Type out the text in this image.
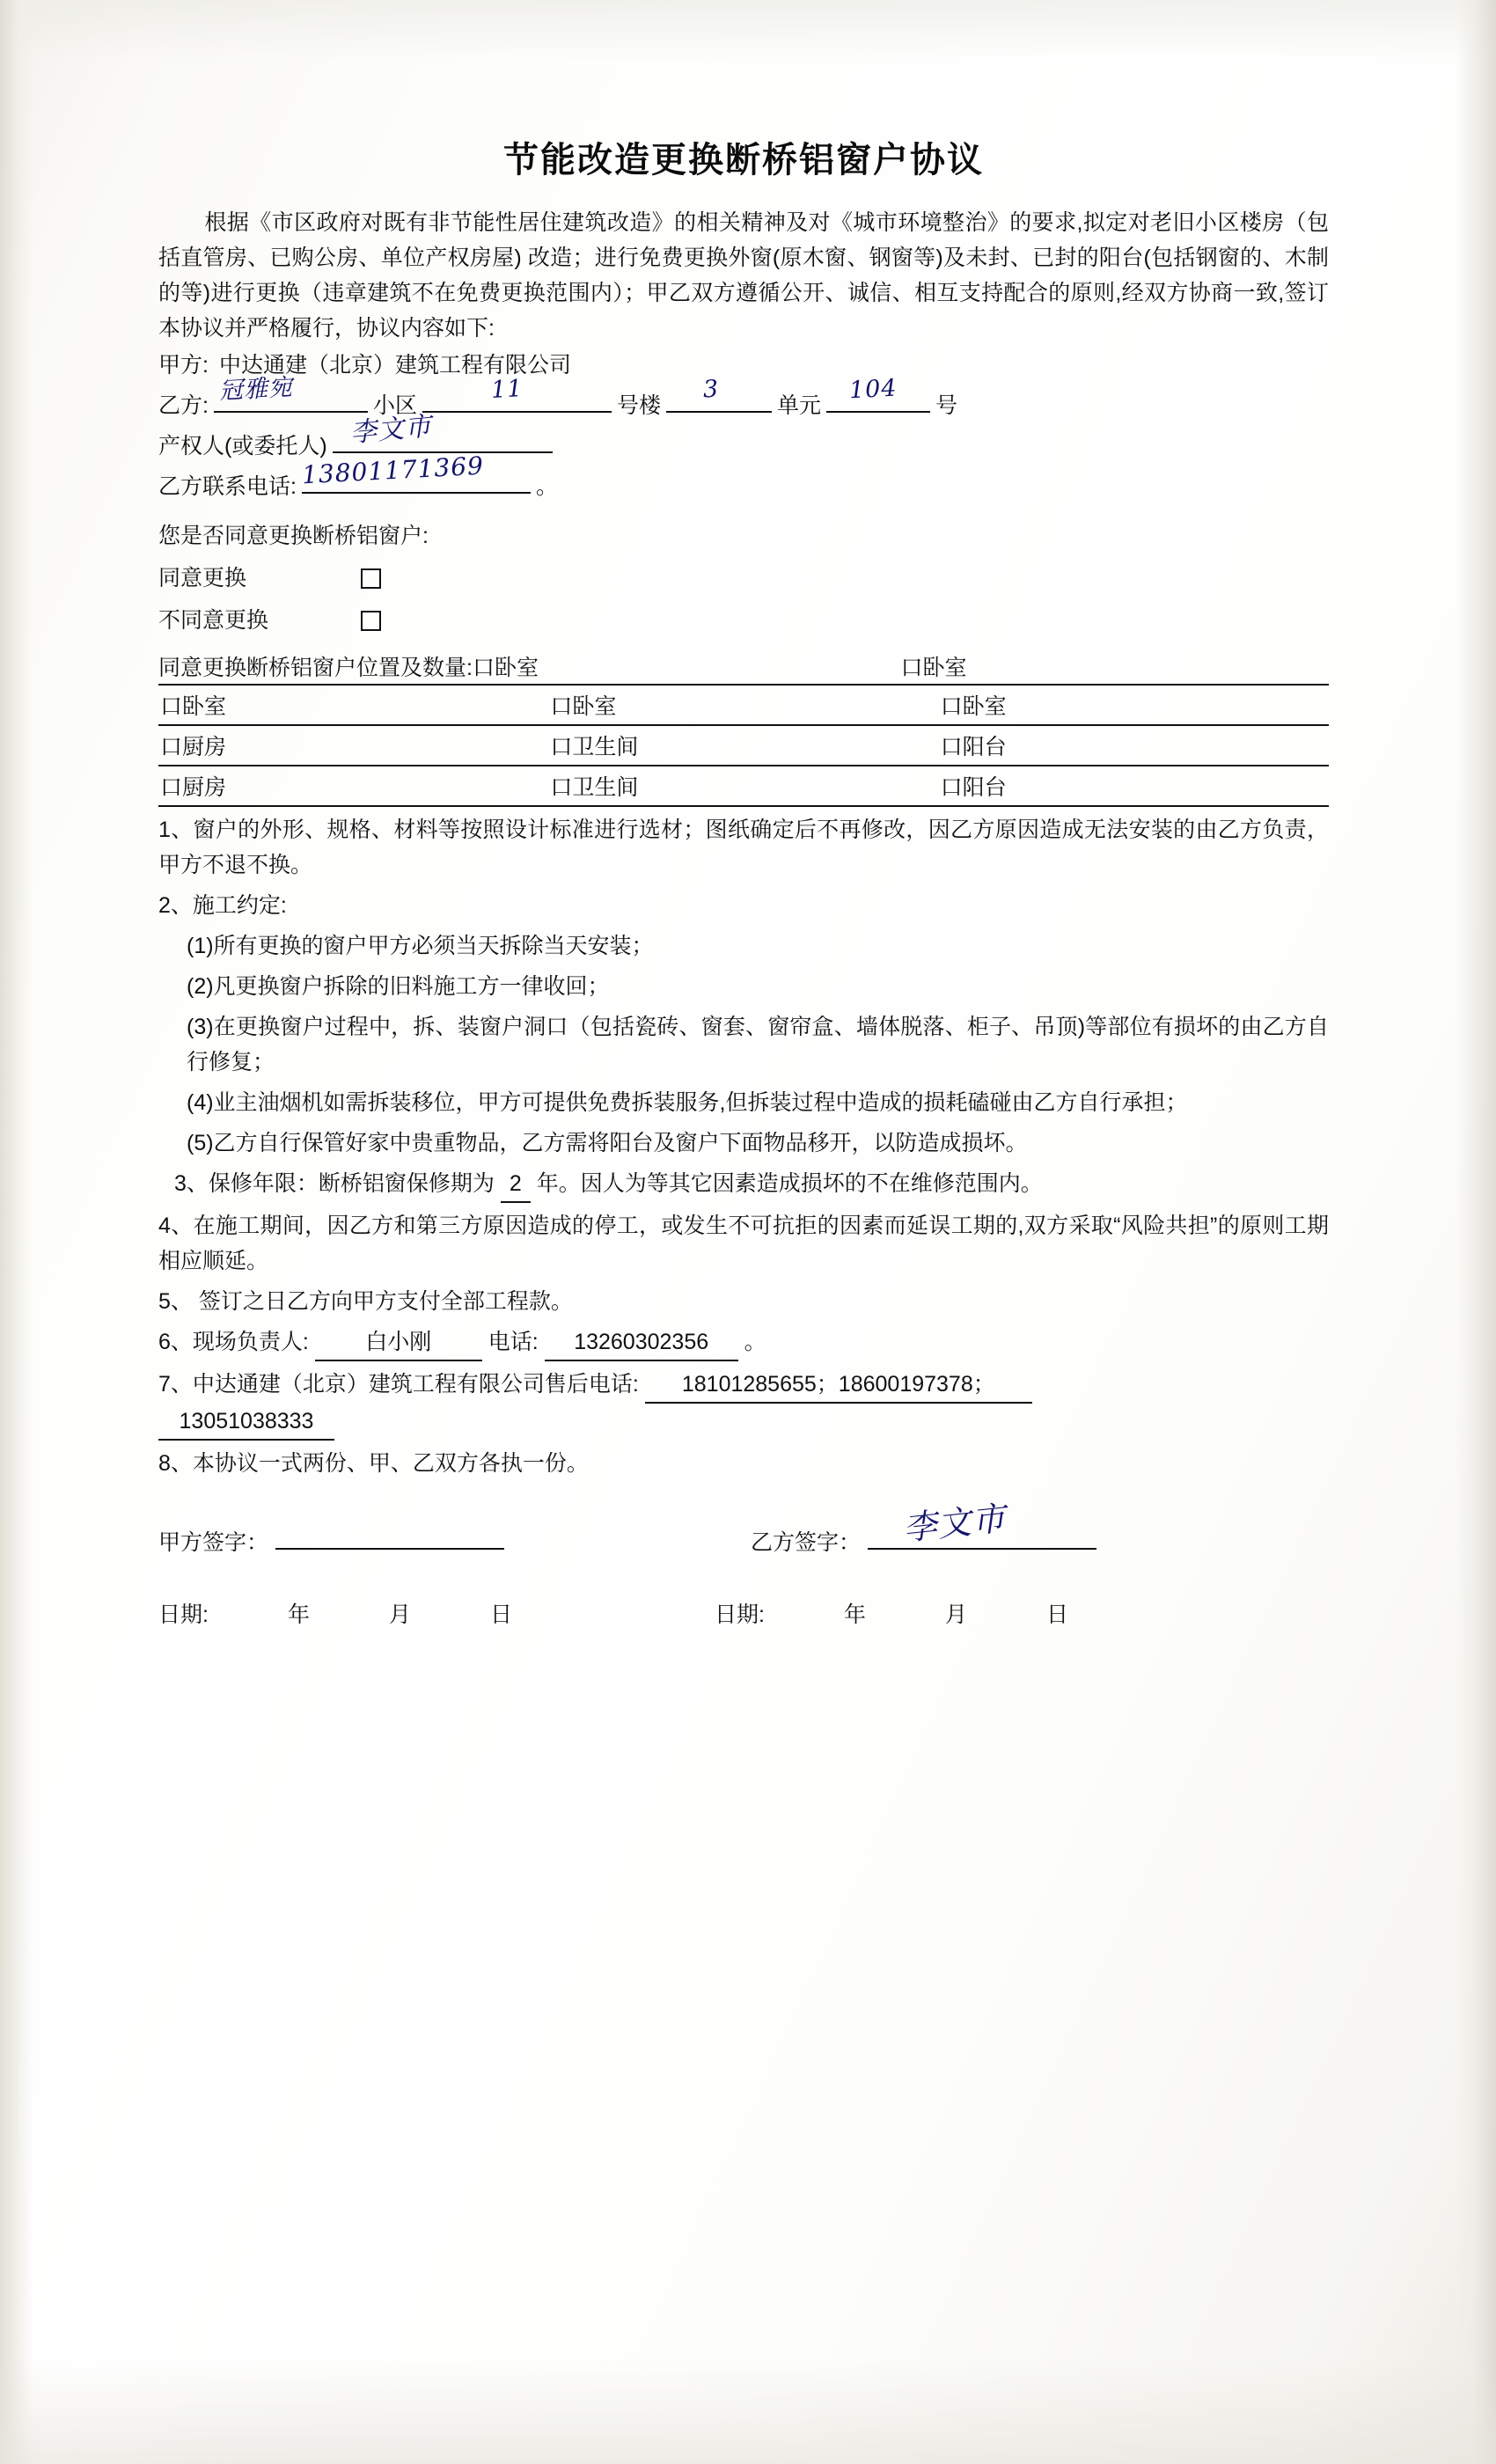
节能改造更换断桥铝窗户协议

根据《市区政府对既有非节能性居住建筑改造》的相关精神及对《城市环境整治》的要求,拟定对老旧小区楼房（包括直管房、已购公房、单位产权房屋) 改造；进行免费更换外窗(原木窗、钢窗等)及未封、已封的阳台(包括钢窗的、木制的等)进行更换（违章建筑不在免费更换范围内）；甲乙双方遵循公开、诚信、相互支持配合的原则,经双方协商一致,签订本协议并严格履行，协议内容如下:

甲方: 中达通建（北京）建筑工程有限公司
乙方:
冠雅宛
小区
11
号楼
3
单元
104
号
产权人(或委托人) 李文市
乙方联系电话: 13801171369 。
您是否同意更换断桥铝窗户:
同意更换
不同意更换
同意更换断桥铝窗户位置及数量: 口卧室	口卧室
口卧室	口卧室	口卧室
口厨房	口卫生间	口阳台
口厨房	口卫生间	口阳台
1、窗户的外形、规格、材料等按照设计标准进行选材；图纸确定后不再修改，因乙方原因造成无法安装的由乙方负责，甲方不退不换。
2、施工约定:
(1)所有更换的窗户甲方必须当天拆除当天安装；
(2)凡更换窗户拆除的旧料施工方一律收回；
(3)在更换窗户过程中，拆、装窗户洞口（包括瓷砖、窗套、窗帘盒、墙体脱落、柜子、吊顶)等部位有损坏的由乙方自行修复；
(4)业主油烟机如需拆装移位，甲方可提供免费拆装服务,但拆装过程中造成的损耗磕碰由乙方自行承担；
(5)乙方自行保管好家中贵重物品，乙方需将阳台及窗户下面物品移开，以防造成损坏。
3、保修年限：断桥铝窗保修期为 2 年。因人为等其它因素造成损坏的不在维修范围内。
4、在施工期间，因乙方和第三方原因造成的停工，或发生不可抗拒的因素而延误工期的,双方采取“风险共担”的原则工期相应顺延。
5、 签订之日乙方向甲方支付全部工程款。
6、现场负责人:	白小刚	电话: 13260302356 。
7、中达通建（北京）建筑工程有限公司售后电话: 18101285655；18600197378；
13051038333
8、本协议一式两份、甲、乙双方各执一份。
甲方签字：	乙方签字： 李文市
日期:	年	月	日	日期:	年	月	日
